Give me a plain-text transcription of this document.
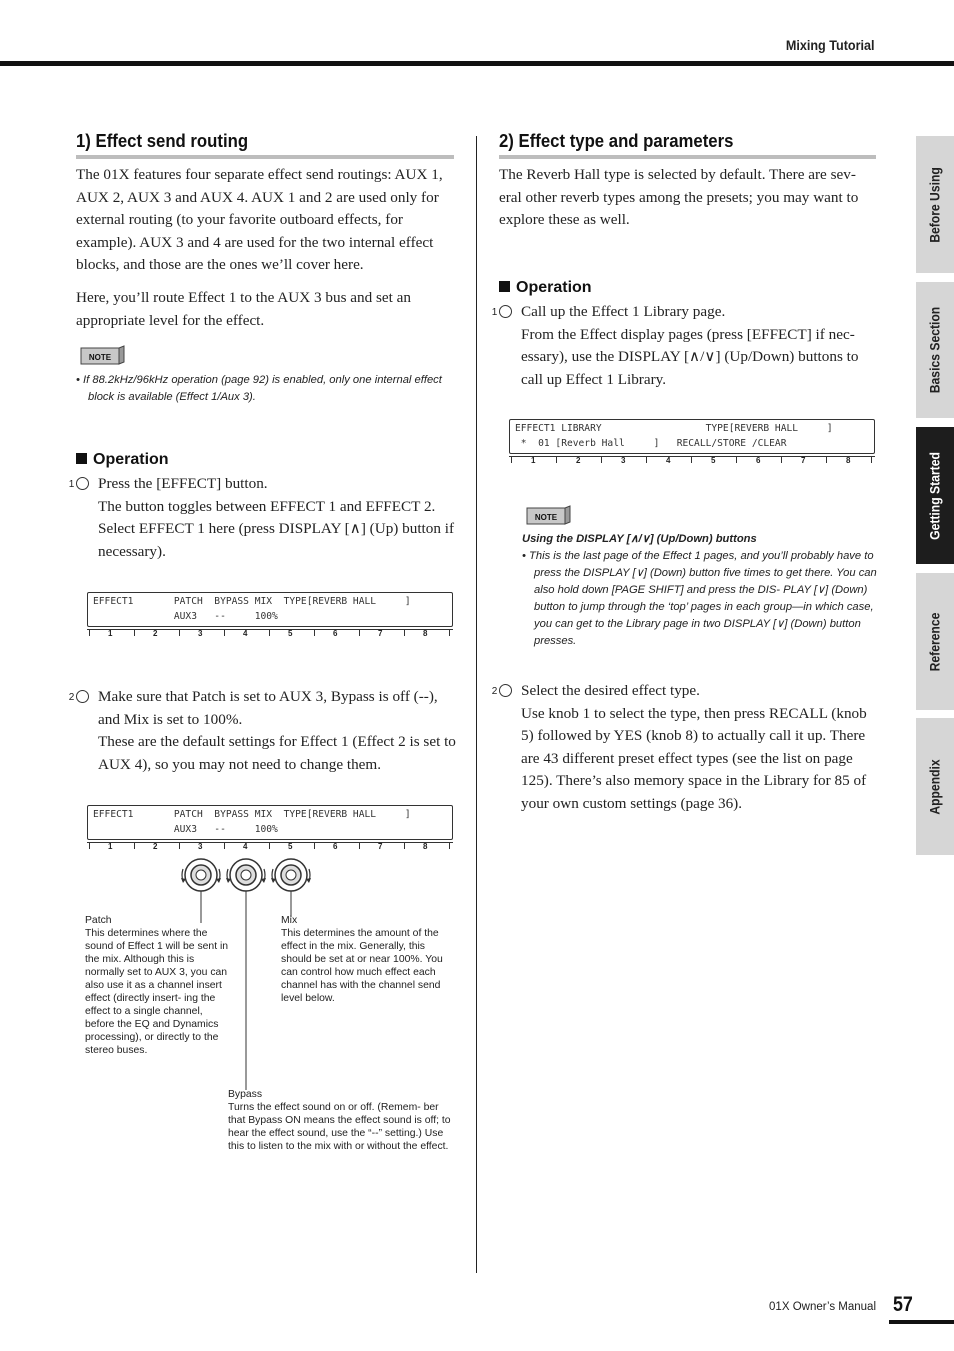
Mixing Tutorial
Before Using
Basics Section
Getting Started
Reference
Appendix
1) Effect send routing
The 01X features four separate effect send routings: AUX 1, AUX 2, AUX 3 and AUX 4. AUX 1 and 2 are used only for external routing (to your favorite outboard effects, for example). AUX 3 and 4 are used for the two internal effect blocks, and those are the ones we’ll cover here.
Here, you’ll route Effect 1 to the AUX 3 bus and set an appropriate level for the effect.
NOTE
• If 88.2kHz/96kHz operation (page 92) is enabled, only one internal effect block is available (Effect 1/Aux 3).
Operation
1 Press the [EFFECT] button.
The button toggles between EFFECT 1 and EFFECT 2. Select EFFECT 1 here (press DISPLAY [∧] (Up) button if necessary).
EFFECT1       PATCH  BYPASS MIX  TYPE[REVERB HALL     ]
AUX3   --     100%
1	2	3	4	5	6	7	8
2 Make sure that Patch is set to AUX 3, Bypass is off (--), and Mix is set to 100%.
These are the default settings for Effect 1 (Effect 2 is set to AUX 4), so you may not need to change them.
EFFECT1       PATCH  BYPASS MIX  TYPE[REVERB HALL     ]
AUX3   --     100%
1	2	3	4	5	6	7	8
Patch
This determines where the sound of Effect 1 will be sent in the mix. Although this is normally set to AUX 3, you can also use it as a channel insert effect (directly insert- ing the effect to a single channel, before the EQ and Dynamics processing), or directly to the stereo buses.
Mix
This determines the amount of the effect in the mix. Generally, this should be set at or near 100%. You can control how much effect each channel has with the channel send level below.
Bypass
Turns the effect sound on or off. (Remem- ber that Bypass ON means the effect sound is off; to hear the effect sound, use the “--” setting.) Use this to listen to the mix with or without the effect.
2) Effect type and parameters
The Reverb Hall type is selected by default. There are sev- eral other reverb types among the presets; you may want to explore these as well.
Operation
1 Call up the Effect 1 Library page.
From the Effect display pages (press [EFFECT] if nec- essary), use the DISPLAY [∧/∨] (Up/Down) buttons to call up Effect 1 Library.
EFFECT1 LIBRARY                  TYPE[REVERB HALL     ]
*  01 [Reverb Hall     ]   RECALL/STORE /CLEAR
1	2	3	4	5	6	7	8
NOTE
Using the DISPLAY [∧/∨] (Up/Down) buttons
• This is the last page of the Effect 1 pages, and you’ll probably have to press the DISPLAY [∨] (Down) button five times to get there. You can also hold down [PAGE SHIFT] and press the DIS- PLAY [∨] (Down) button to jump through the ‘top’ pages in each group—in which case, you can get to the Library page in two DISPLAY [∨] (Down) button presses.
2 Select the desired effect type.
Use knob 1 to select the type, then press RECALL (knob 5) followed by YES (knob 8) to actually call it up. There are 43 different preset effect types (see the list on page 125). There’s also memory space in the Library for 85 of your own custom settings (page 36).
01X Owner’s Manual 57
